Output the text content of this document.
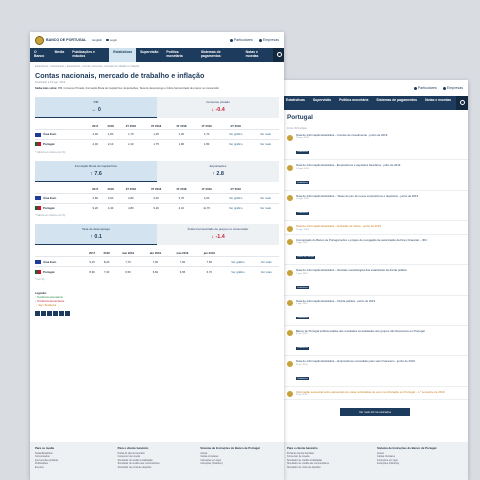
Particulares	Empresas
Estatísticas	Supervisão	Política monetária	Sistemas de pagamentos	Notas e moedas
Portugal
10 de 1374 artigos
Nota de Informação Estatística – Fundos de investimento - junho de 2019
19 ago. 2019
Estatísticas
Nota de Informação Estatística - Empréstimos e depósitos bancários - julho de 2019
14 ago. 2019
Estatísticas
Nota de Informação Estatística – Taxas de juro de novos empréstimos e depósitos - junho de 2019
12 ago. 2019
Estatísticas
Nota de Informação Estatística – Entradas de títulos - junho de 2019
12 ago. 2019
Comunicado do Banco de Portugal sobre o projeto de revogação de autorização da Dney Financial – IFIC
7 ago. 2019
Banco de Portugal
Nota de Informação Estatística – Revisão metodológica das estatísticas da dívida pública
1 ago. 2019
Estatísticas
Nota de Informação Estatística – Dívida pública - junho de 2019
1 ago. 2019
Estatísticas
Banco de Portugal publica análise dos resultados consolidados dos grupos não financeiros em Portugal
31 jul. 2019
Estatísticas
Nota de Informação Estatística – Empréstimos concedidos pelo setor financeiro - junho de 2019
30 jul. 2019
Estatísticas
Informação semestral sobre apreensão de notas contrafeitas de euro na circulação em Portugal – 1.º semestre de 2019
29 jul. 2019
Ver mais 10 comunicados
Para o cliente bancário
Portal do cliente bancário
Conversor de moeda
Simulador de crédito à habitação
Simulador de crédito aos consumidores
Simulador de conta de depósito
Sistema de Instruções do Banco de Portugal
Avisos
Cartas circulares
Instruções em vigor
Instruções (histórico)
BANCO DE PORTUGAL English	Login	Particulares	Empresas
O Banco
Media	Publicações e estudos
Estatísticas	Supervisão	Política monetária
Sistemas de pagamentos
Notas e moedas
Estatísticas > Estatísticas › Estatísticas › Contas nacionais, mercado de trabalho e inflação
Contas nacionais, mercado de trabalho e inflação
Atualizado a 19 ago. 2019
Saiba mais sobre: PIB, Consumo Privado, Formação Bruta de Capital Fixo, Exportações, Taxa de desemprego e Índice harmonizado de preços no consumidor
PIB
→ 0
Consumo privado
↓ -0.4
	2017	2018	2T 2018	3T 2018	4T 2018	1T 2019	2T 2019		
Área Euro	2,40	1,80	1,70	1,25	1,20	1,70	Ver gráfico	Ver mais	
Portugal	2,40	2,10	2,10	1,75	1,80	1,80	Ver gráfico	Ver mais	
* Cálculo em volume (em %)
Formação Bruta de Capital Fixo
↑ 7.6
Exportações
↑ 2.8
	2017	2018	2T 2018	3T 2018	4T 2018	1T 2019	2T 2019		
Área Euro	2,60	3,00	2,80	3,40	3,70	4,00	Ver gráfico	Ver mais	
Portugal	9,20	4,40	4,80	9,20	4,10	11,70	Ver gráfico	Ver mais	
* Cálculo em volume (em %)
Taxa de desemprego
↑ 0.1
Índice harmonizado de preços no consumidor
↓ -1.4
	2017	2018	mar 2019	abr 2019	mai 2019	jun 2019			
Área Euro	9,15	8,20	7,70	7,60	7,60	7,50	Ver gráfico	Ver mais	
Portugal	8,90	7,00	6,50	6,60	6,65	6,70	Ver gráfico	Ver mais	
* (em %)
Legenda:
↑ Tendência ascendente
↓ Tendência descendente
→ Sem Tendência
Para os media
Notas/Relatórios
Comunicados
Intervenções públicas
Publicações
Eventos
Para o cliente bancário
Portal do cliente bancário
Conversor de moeda
Simulador de crédito à habitação
Simulador de crédito aos consumidores
Simulador de conta de depósito
Sistema de Instruções do Banco de Portugal
Avisos
Cartas circulares
Instruções em vigor
Instruções (histórico)
